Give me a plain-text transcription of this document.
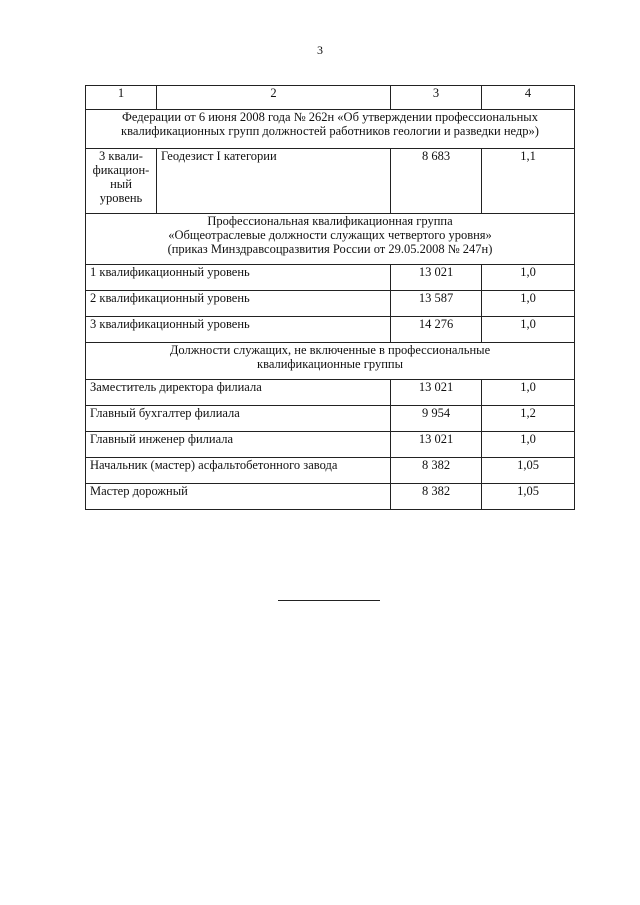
3
1	2	3	4

Федерации от 6 июня 2008 года № 262н «Об утверждении профессиональных
квалификационных групп должностей работников геологии и разведки недр»)			

3 квали-
фикацион-
ный
уровень	Геодезист I категории	8 683	1,1

Профессиональная квалификационная группа
«Общеотраслевые должности служащих четвертого уровня»
(приказ Минздравсоцразвития России от 29.05.2008 № 247н)			

1 квалификационный уровень		13 021	1,0
2 квалификационный уровень		13 587	1,0
3 квалификационный уровень		14 276	1,0

Должности служащих, не включенные в профессиональные
квалификационные группы			

Заместитель директора филиала		13 021	1,0
Главный бухгалтер филиала		9 954	1,2
Главный инженер филиала		13 021	1,0
Начальник (мастер) асфальтобетонного завода		8 382	1,05
Мастер дорожный		8 382	1,05
